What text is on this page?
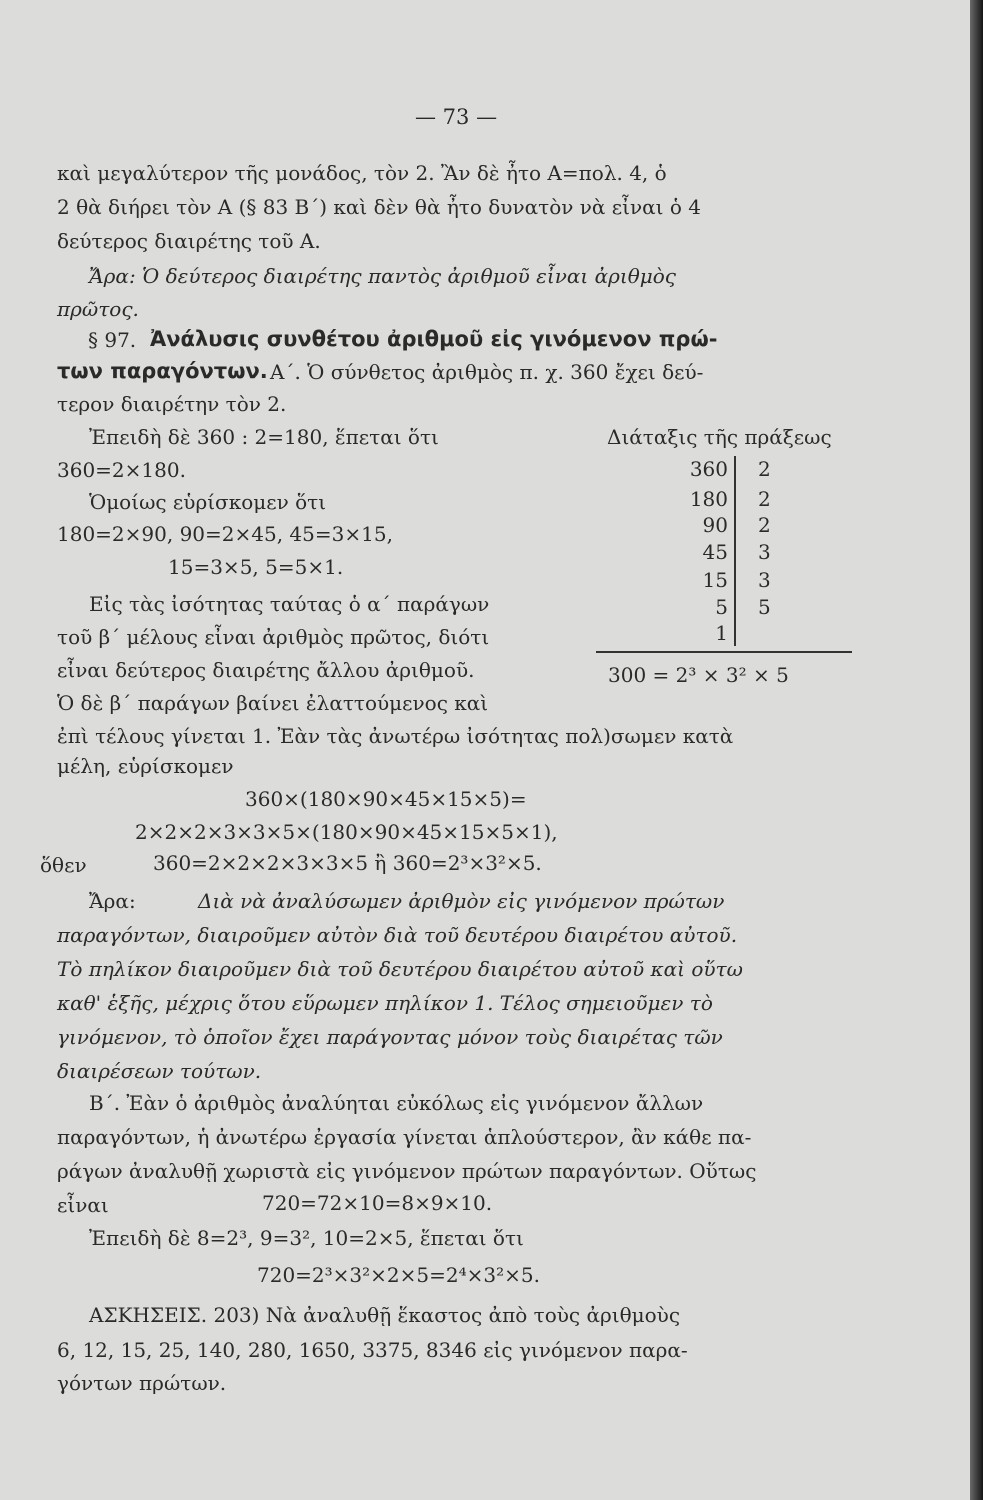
— 73 —
καὶ μεγαλύτερον τῆς μονάδος, τὸν 2. Ἂν δὲ ἦτο Α=πολ. 4, ὁ
2 θὰ διήρει τὸν Α (§ 83 Β΄) καὶ δὲν θὰ ἦτο δυνατὸν νὰ εἶναι ὁ 4
δεύτερος διαιρέτης τοῦ Α.
Ἄρα: Ὁ δεύτερος διαιρέτης παντὸς ἀριθμοῦ εἶναι ἀριθμὸς
πρῶτος.
§ 97. Ἀνάλυσις συνθέτου ἀριθμοῦ εἰς γινόμενον πρώ-
των παραγόντων. Α΄. Ὁ σύνθετος ἀριθμὸς π. χ. 360 ἔχει δεύ-
τερον διαιρέτην τὸν 2.
Ἐπειδὴ δὲ 360 : 2=180, ἕπεται ὅτι
360=2×180.
Ὁμοίως εὑρίσκομεν ὅτι
180=2×90, 90=2×45, 45=3×15,
15=3×5, 5=5×1.
Εἰς τὰς ἰσότητας ταύτας ὁ α΄ παράγων
τοῦ β΄ μέλους εἶναι ἀριθμὸς πρῶτος, διότι
εἶναι δεύτερος διαιρέτης ἄλλου ἀριθμοῦ.
Ὁ δὲ β΄ παράγων βαίνει ἐλαττούμενος καὶ
Διάταξις τῆς πράξεως
360 2
180 2
90 2
45 3
15 3
5 5
1
300 = 2³ × 3² × 5
ἐπὶ τέλους γίνεται 1. Ἐὰν τὰς ἀνωτέρω ἰσότητας πολ)σωμεν κατὰ
μέλη, εὑρίσκομεν
360×(180×90×45×15×5)=
2×2×2×3×3×5×(180×90×45×15×5×1),
ὅθεν	360=2×2×2×3×3×5 ἢ 360=2³×3²×5.
Ἄρα:	Διὰ νὰ ἀναλύσωμεν ἀριθμὸν εἰς γινόμενον πρώτων
παραγόντων, διαιροῦμεν αὐτὸν διὰ τοῦ δευτέρου διαιρέτου αὐτοῦ.
Τὸ πηλίκον διαιροῦμεν διὰ τοῦ δευτέρου διαιρέτου αὐτοῦ καὶ οὕτω
καθ' ἑξῆς, μέχρις ὅτου εὕρωμεν πηλίκον 1. Τέλος σημειοῦμεν τὸ
γινόμενον, τὸ ὁποῖον ἔχει παράγοντας μόνον τοὺς διαιρέτας τῶν
διαιρέσεων τούτων.
Β΄. Ἐὰν ὁ ἀριθμὸς ἀναλύηται εὐκόλως εἰς γινόμενον ἄλλων
παραγόντων, ἡ ἀνωτέρω ἐργασία γίνεται ἁπλούστερον, ἂν κάθε πα-
ράγων ἀναλυθῇ χωριστὰ εἰς γινόμενον πρώτων παραγόντων. Οὕτως
εἶναι	720=72×10=8×9×10.
Ἐπειδὴ δὲ 8=2³, 9=3², 10=2×5, ἕπεται ὅτι
720=2³×3²×2×5=2⁴×3²×5.
ΑΣΚΗΣΕΙΣ. 203) Νὰ ἀναλυθῇ ἕκαστος ἀπὸ τοὺς ἀριθμοὺς
6, 12, 15, 25, 140, 280, 1650, 3375, 8346 εἰς γινόμενον παρα-
γόντων πρώτων.
